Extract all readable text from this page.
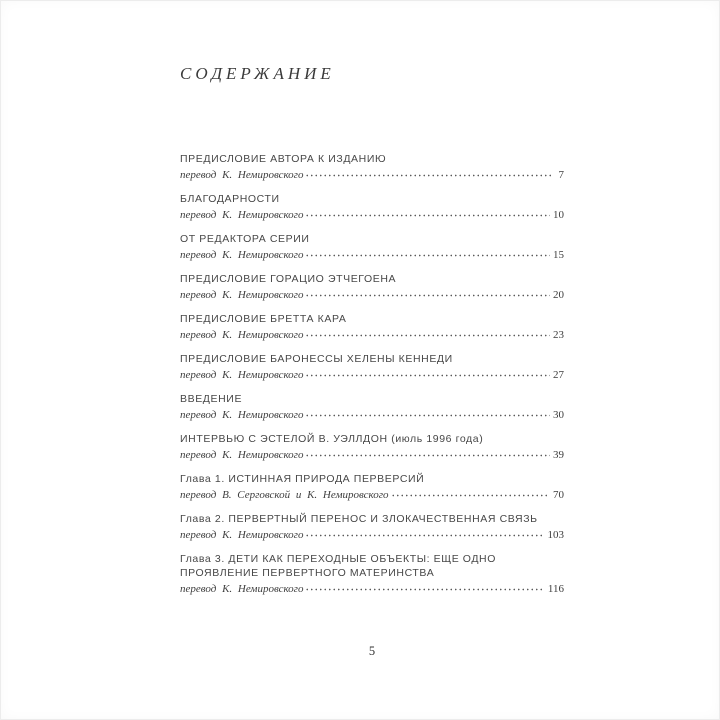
СОДЕРЖАНИЕ
ПРЕДИСЛОВИЕ АВТОРА К ИЗДАНИЮ
перевод К. Немировского	7
БЛАГОДАРНОСТИ
перевод К. Немировского	10
ОТ РЕДАКТОРА СЕРИИ
перевод К. Немировского	15
ПРЕДИСЛОВИЕ ГОРАЦИО ЭТЧЕГОЕНА
перевод К. Немировского	20
ПРЕДИСЛОВИЕ БРЕТТА КАРА
перевод К. Немировского	23
ПРЕДИСЛОВИЕ БАРОНЕССЫ ХЕЛЕНЫ КЕННЕДИ
перевод К. Немировского	27
ВВЕДЕНИЕ
перевод К. Немировского	30
ИНТЕРВЬЮ С ЭСТЕЛОЙ В. УЭЛЛДОН (июль 1996 года)
перевод К. Немировского	39
Глава 1. ИСТИННАЯ ПРИРОДА ПЕРВЕРСИЙ
перевод В. Серговской и К. Немировского	70
Глава 2. ПЕРВЕРТНЫЙ ПЕРЕНОС И ЗЛОКАЧЕСТВЕННАЯ СВЯЗЬ
перевод К. Немировского	103
Глава 3. ДЕТИ КАК ПЕРЕХОДНЫЕ ОБЪЕКТЫ: ЕЩЕ ОДНО ПРОЯВЛЕНИЕ ПЕРВЕРТНОГО МАТЕРИНСТВА
перевод К. Немировского	116
5
